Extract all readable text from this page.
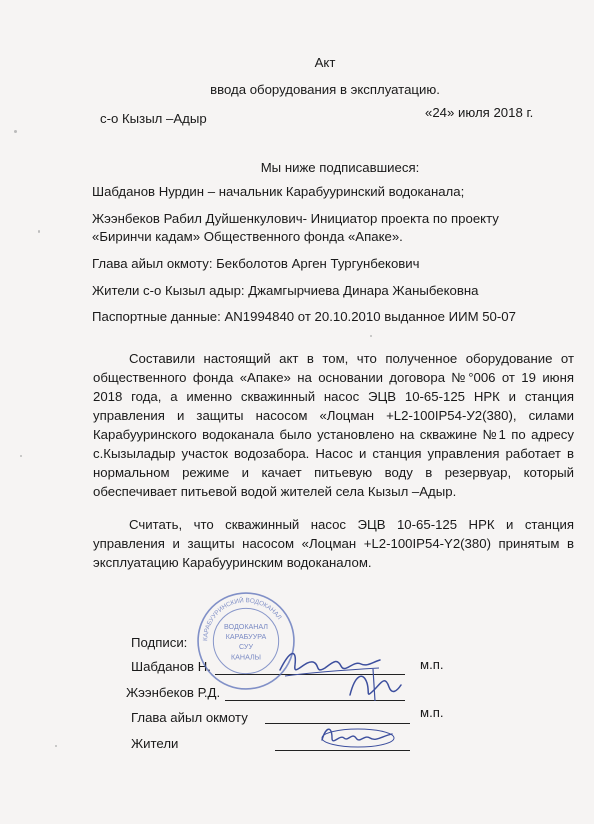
Акт
ввода оборудования в эксплуатацию.
с-о Кызыл –Адыр	«24» июля 2018 г.
Мы ниже подписавшиеся:
Шабданов Нурдин – начальник Карабууринский водоканала;
Жээнбеков Рабил Дуйшенкулович- Инициатор проекта по проекту
«Биринчи кадам» Общественного фонда «Апаке».
Глава айыл окмоту: Бекболотов Арген Тургунбекович
Жители с-о Кызыл адыр: Джамгырчиева Динара Жаныбековна
Паспортные данные: AN1994840 от 20.10.2010 выданное ИИМ 50-07
Составили настоящий акт в том, что полученное оборудование от общественного фонда «Апаке» на основании договора №°006 от 19 июня 2018 года, а именно скважинный насос ЭЦВ 10-65-125 НРК и станция управления и защиты насосом «Лоцман +L2-100IP54-У2(380), силами Карабууринского водоканала было установлено на скважине №1 по адресу с.Кызыладыр участок водозабора. Насос и станция управления работает в нормальном режиме и качает питьевую воду в резервуар, который обеспечивает питьевой водой жителей села Кызыл –Адыр.
Считать, что скважинный насос ЭЦВ 10-65-125 НРК и станция управления и защиты насосом «Лоцман +L2-100IP54-Y2(380) принятым в эксплуатацию Карабууринским водоканалом.
Подписи:
Шабданов Н.	м.п.
Жээнбеков Р.Д.
Глава айыл окмоту	м.п.
Жители
КАРАБУУРИНСКИЙ ВОДОКАНАЛ
ВОДОКАНАЛ
КАРАБУУРА
СУУ
КАНАЛЫ
